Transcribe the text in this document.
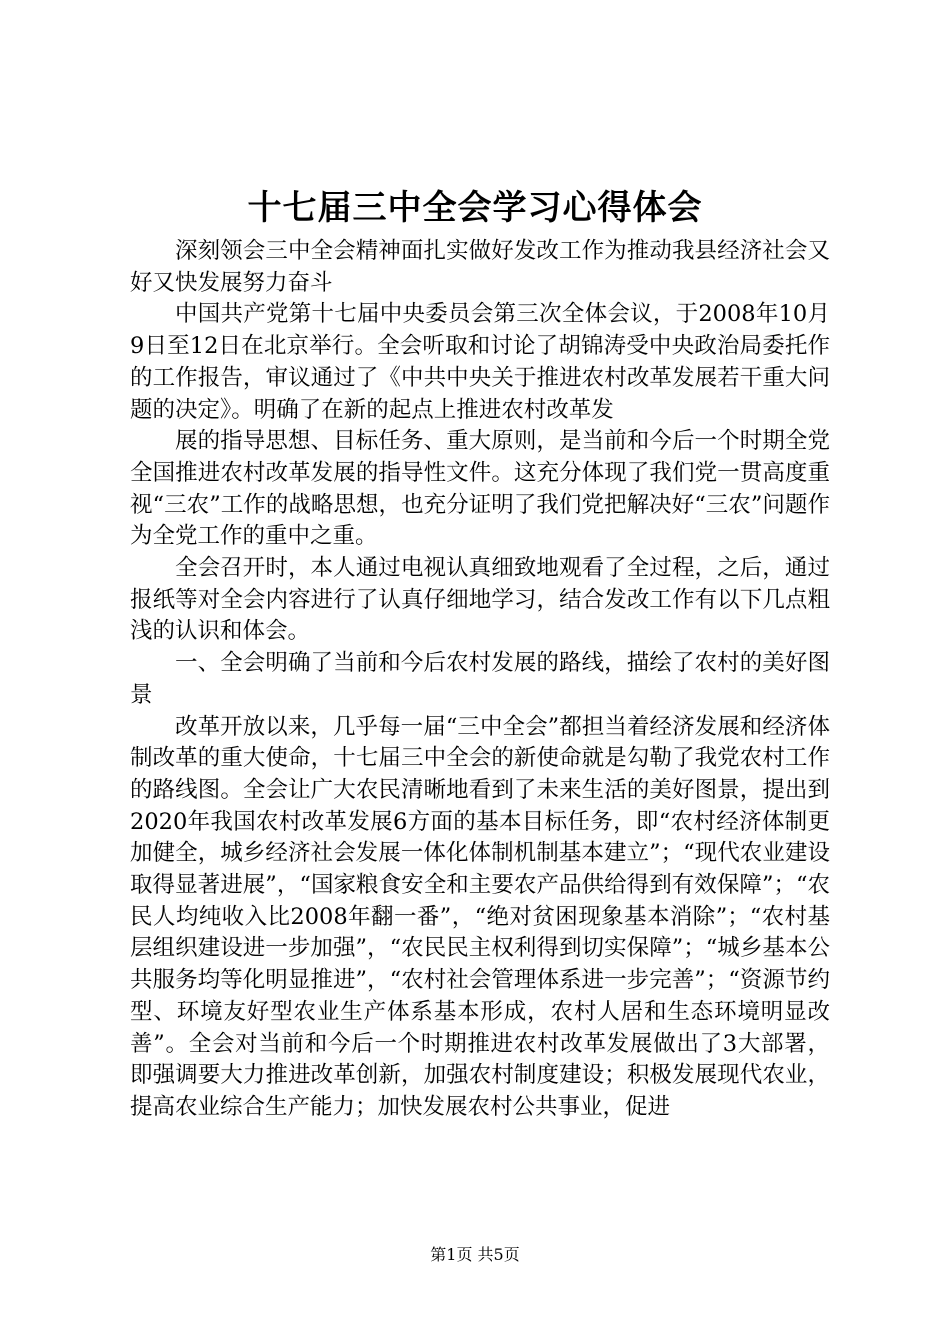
十七届三中全会学习心得体会

深刻领会三中全会精神面扎实做好发改工作为推动我县经济社会又好又快发展努力奋斗

中国共产党第十七届中央委员会第三次全体会议，于2008年10月9日至12日在北京举行。全会听取和讨论了胡锦涛受中央政治局委托作的工作报告，审议通过了《中共中央关于推进农村改革发展若干重大问题的决定》。明确了在新的起点上推进农村改革发

展的指导思想、目标任务、重大原则，是当前和今后一个时期全党全国推进农村改革发展的指导性文件。这充分体现了我们党一贯高度重视“三农”工作的战略思想，也充分证明了我们党把解决好“三农”问题作为全党工作的重中之重。

全会召开时，本人通过电视认真细致地观看了全过程，之后，通过报纸等对全会内容进行了认真仔细地学习，结合发改工作有以下几点粗浅的认识和体会。

一、全会明确了当前和今后农村发展的路线，描绘了农村的美好图景

改革开放以来，几乎每一届“三中全会”都担当着经济发展和经济体制改革的重大使命，十七届三中全会的新使命就是勾勒了我党农村工作的路线图。全会让广大农民清晰地看到了未来生活的美好图景，提出到2020年我国农村改革发展6方面的基本目标任务，即“农村经济体制更加健全，城乡经济社会发展一体化体制机制基本建立”；“现代农业建设取得显著进展”，“国家粮食安全和主要农产品供给得到有效保障”；“农民人均纯收入比2008年翻一番”，“绝对贫困现象基本消除”；“农村基层组织建设进一步加强”，“农民民主权利得到切实保障”；“城乡基本公共服务均等化明显推进”，“农村社会管理体系进一步完善”；“资源节约型、环境友好型农业生产体系基本形成，农村人居和生态环境明显改善”。全会对当前和今后一个时期推进农村改革发展做出了3大部署，即强调要大力推进改革创新，加强农村制度建设；积极发展现代农业，提高农业综合生产能力；加快发展农村公共事业，促进

第1页 共5页
